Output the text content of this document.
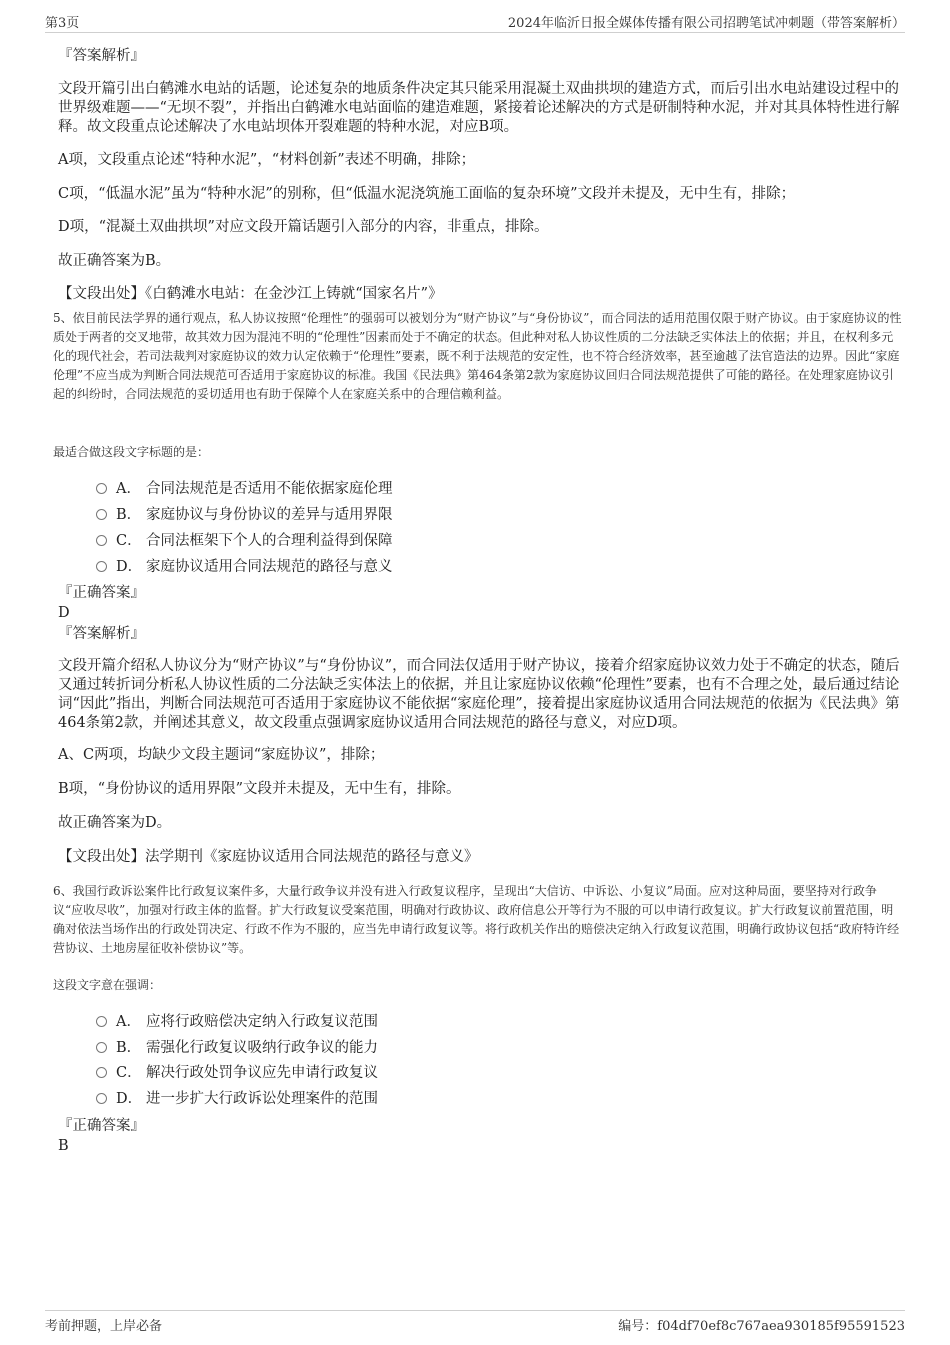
第3页	2024年临沂日报全媒体传播有限公司招聘笔试冲刺题（带答案解析）
『答案解析』
文段开篇引出白鹤滩水电站的话题，论述复杂的地质条件决定其只能采用混凝土双曲拱坝的建造方式，而后引出水电站建设过程中的世界级难题——“无坝不裂”，并指出白鹤滩水电站面临的建造难题，紧接着论述解决的方式是研制特种水泥，并对其具体特性进行解释。故文段重点论述解决了水电站坝体开裂难题的特种水泥，对应B项。
A项，文段重点论述“特种水泥”，“材料创新”表述不明确，排除；
C项，“低温水泥”虽为“特种水泥”的别称，但“低温水泥浇筑施工面临的复杂环境”文段并未提及，无中生有，排除；
D项，“混凝土双曲拱坝”对应文段开篇话题引入部分的内容，非重点，排除。
故正确答案为B。
【文段出处】《白鹤滩水电站：在金沙江上铸就“国家名片”》
5、依目前民法学界的通行观点，私人协议按照“伦理性”的强弱可以被划分为“财产协议”与“身份协议”，而合同法的适用范围仅限于财产协议。由于家庭协议的性质处于两者的交叉地带，故其效力因为混沌不明的“伦理性”因素而处于不确定的状态。但此种对私人协议性质的二分法缺乏实体法上的依据；并且，在权利多元化的现代社会，若司法裁判对家庭协议的效力认定依赖于“伦理性”要素，既不利于法规范的安定性，也不符合经济效率，甚至逾越了法官造法的边界。因此“家庭伦理”不应当成为判断合同法规范可否适用于家庭协议的标准。我国《民法典》第464条第2款为家庭协议回归合同法规范提供了可能的路径。在处理家庭协议引起的纠纷时，合同法规范的妥切适用也有助于保障个人在家庭关系中的合理信赖利益。
最适合做这段文字标题的是：
A． 合同法规范是否适用不能依据家庭伦理
B． 家庭协议与身份协议的差异与适用界限
C． 合同法框架下个人的合理利益得到保障
D． 家庭协议适用合同法规范的路径与意义
『正确答案』
D
『答案解析』
文段开篇介绍私人协议分为“财产协议”与“身份协议”，而合同法仅适用于财产协议，接着介绍家庭协议效力处于不确定的状态，随后又通过转折词分析私人协议性质的二分法缺乏实体法上的依据，并且让家庭协议依赖“伦理性”要素，也有不合理之处，最后通过结论词“因此”指出，判断合同法规范可否适用于家庭协议不能依据“家庭伦理”，接着提出家庭协议适用合同法规范的依据为《民法典》第464条第2款，并阐述其意义，故文段重点强调家庭协议适用合同法规范的路径与意义，对应D项。
A、C两项，均缺少文段主题词“家庭协议”，排除；
B项，“身份协议的适用界限”文段并未提及，无中生有，排除。
故正确答案为D。
【文段出处】法学期刊《家庭协议适用合同法规范的路径与意义》
6、我国行政诉讼案件比行政复议案件多，大量行政争议并没有进入行政复议程序，呈现出“大信访、中诉讼、小复议”局面。应对这种局面，要坚持对行政争议“应收尽收”，加强对行政主体的监督。扩大行政复议受案范围，明确对行政协议、政府信息公开等行为不服的可以申请行政复议。扩大行政复议前置范围，明确对依法当场作出的行政处罚决定、行政不作为不服的，应当先申请行政复议等。将行政机关作出的赔偿决定纳入行政复议范围，明确行政协议包括“政府特许经营协议、土地房屋征收补偿协议”等。
这段文字意在强调：
A． 应将行政赔偿决定纳入行政复议范围
B． 需强化行政复议吸纳行政争议的能力
C． 解决行政处罚争议应先申请行政复议
D． 进一步扩大行政诉讼处理案件的范围
『正确答案』
B
考前押题，上岸必备	编号：f04df70ef8c767aea930185f95591523
